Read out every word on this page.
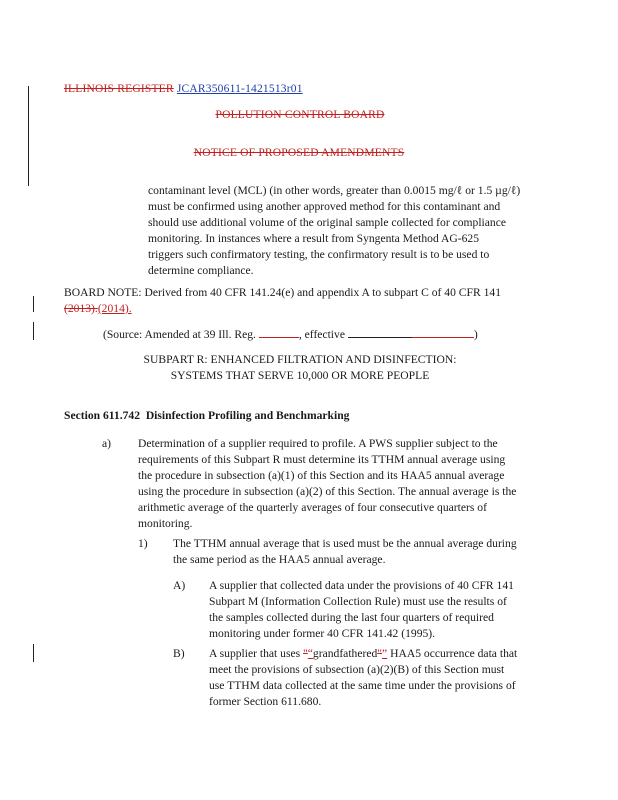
ILLINOIS REGISTER JCAR350611-1421513r01
POLLUTION CONTROL BOARD
NOTICE OF PROPOSED AMENDMENTS
contaminant level (MCL) (in other words, greater than 0.0015 mg/ℓ or 1.5 µg/ℓ)
must be confirmed using another approved method for this contaminant and
should use additional volume of the original sample collected for compliance
monitoring. In instances where a result from Syngenta Method AG-625
triggers such confirmatory testing, the confirmatory result is to be used to
determine compliance.
BOARD NOTE: Derived from 40 CFR 141.24(e) and appendix A to subpart C of 40 CFR 141
(2013).(2014).
(Source: Amended at 39 Ill. Reg.	, effective	)
SUBPART R: ENHANCED FILTRATION AND DISINFECTION:
SYSTEMS THAT SERVE 10,000 OR MORE PEOPLE
Section 611.742 Disinfection Profiling and Benchmarking
a) Determination of a supplier required to profile. A PWS supplier subject to the
requirements of this Subpart R must determine its TTHM annual average using
the procedure in subsection (a)(1) of this Section and its HAA5 annual average
using the procedure in subsection (a)(2) of this Section. The annual average is the
arithmetic average of the quarterly averages of four consecutive quarters of
monitoring.
1) The TTHM annual average that is used must be the annual average during
the same period as the HAA5 annual average.
A) A supplier that collected data under the provisions of 40 CFR 141
Subpart M (Information Collection Rule) must use the results of
the samples collected during the last four quarters of required
monitoring under former 40 CFR 141.42 (1995).
B) A supplier that uses "“grandfathered"” HAA5 occurrence data that
meet the provisions of subsection (a)(2)(B) of this Section must
use TTHM data collected at the same time under the provisions of
former Section 611.680.
